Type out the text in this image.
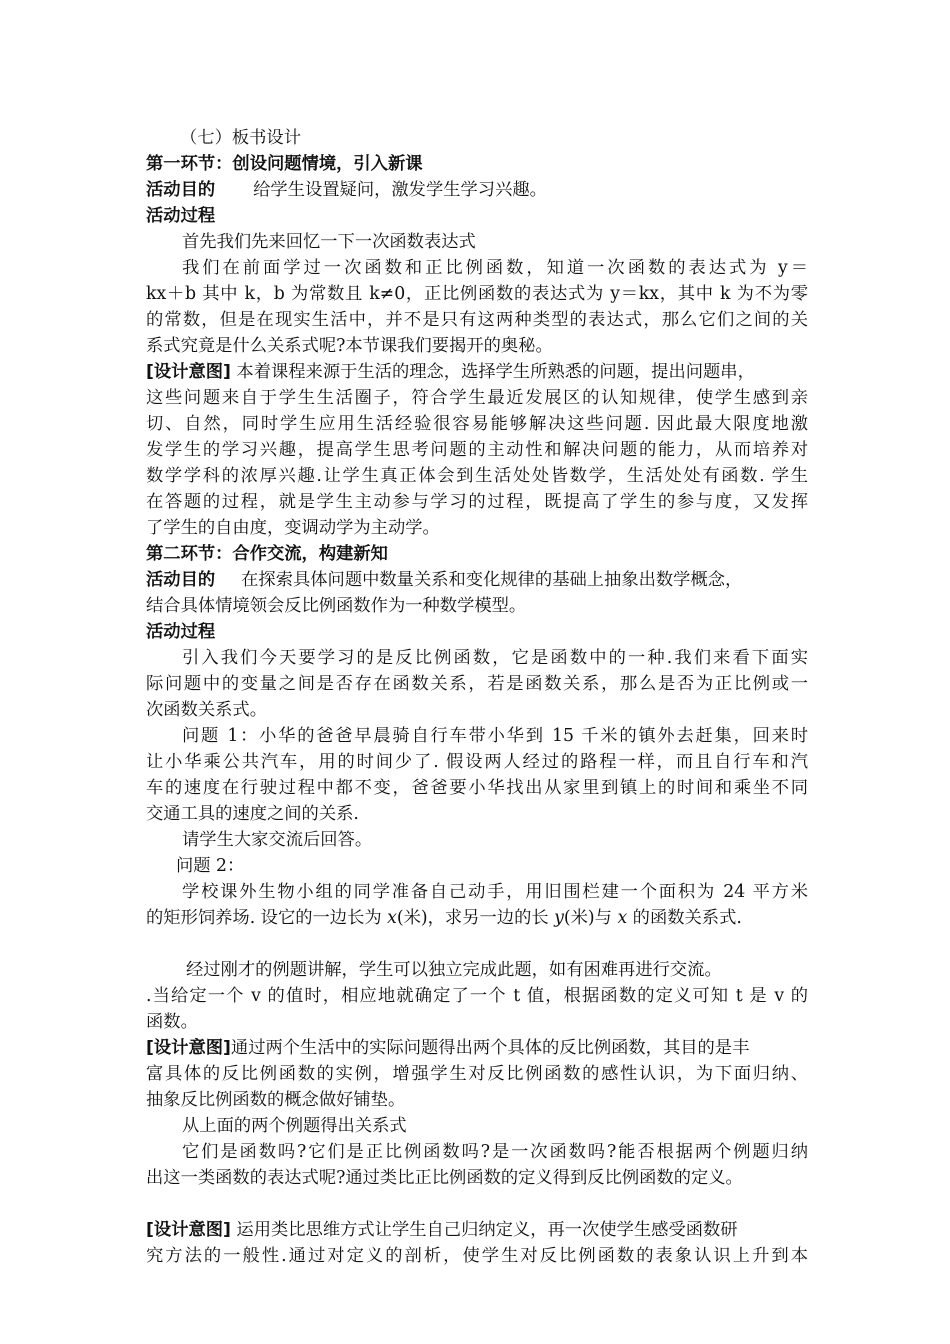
（七）板书设计
第一环节：创设问题情境，引入新课
活动目的 给学生设置疑问，激发学生学习兴趣。
活动过程
首先我们先来回忆一下一次函数表达式
我们在前面学过一次函数和正比例函数，知道一次函数的表达式为 y＝
kx＋b 其中 k，b 为常数且 k≠0，正比例函数的表达式为 y＝kx，其中 k 为不为零
的常数，但是在现实生活中，并不是只有这两种类型的表达式，那么它们之间的关
系式究竟是什么关系式呢?本节课我们要揭开的奥秘。
[设计意图] 本着课程来源于生活的理念，选择学生所熟悉的问题，提出问题串，
这些问题来自于学生生活圈子，符合学生最近发展区的认知规律，使学生感到亲
切、自然，同时学生应用生活经验很容易能够解决这些问题. 因此最大限度地激
发学生的学习兴趣，提高学生思考问题的主动性和解决问题的能力，从而培养对
数学学科的浓厚兴趣.让学生真正体会到生活处处皆数学，生活处处有函数. 学生
在答题的过程，就是学生主动参与学习的过程，既提高了学生的参与度，又发挥
了学生的自由度，变调动学为主动学。
第二环节：合作交流，构建新知
活动目的 在探索具体问题中数量关系和变化规律的基础上抽象出数学概念，
结合具体情境领会反比例函数作为一种数学模型。
活动过程
引入我们今天要学习的是反比例函数，它是函数中的一种.我们来看下面实
际问题中的变量之间是否存在函数关系，若是函数关系，那么是否为正比例或一
次函数关系式。
问题 1：小华的爸爸早晨骑自行车带小华到 15 千米的镇外去赶集，回来时
让小华乘公共汽车，用的时间少了. 假设两人经过的路程一样，而且自行车和汽
车的速度在行驶过程中都不变，爸爸要小华找出从家里到镇上的时间和乘坐不同
交通工具的速度之间的关系.
请学生大家交流后回答。
问题 2：
学校课外生物小组的同学准备自己动手，用旧围栏建一个面积为 24 平方米
的矩形饲养场. 设它的一边长为 x(米)，求另一边的长 y(米)与 x 的函数关系式.
经过刚才的例题讲解，学生可以独立完成此题，如有困难再进行交流。
.当给定一个 v 的值时，相应地就确定了一个 t 值，根据函数的定义可知 t 是 v 的
函数。
[设计意图]通过两个生活中的实际问题得出两个具体的反比例函数，其目的是丰
富具体的反比例函数的实例，增强学生对反比例函数的感性认识，为下面归纳、
抽象反比例函数的概念做好铺垫。
从上面的两个例题得出关系式
它们是函数吗?它们是正比例函数吗?是一次函数吗?能否根据两个例题归纳
出这一类函数的表达式呢?通过类比正比例函数的定义得到反比例函数的定义。
[设计意图] 运用类比思维方式让学生自己归纳定义，再一次使学生感受函数研
究方法的一般性.通过对定义的剖析，使学生对反比例函数的表象认识上升到本
